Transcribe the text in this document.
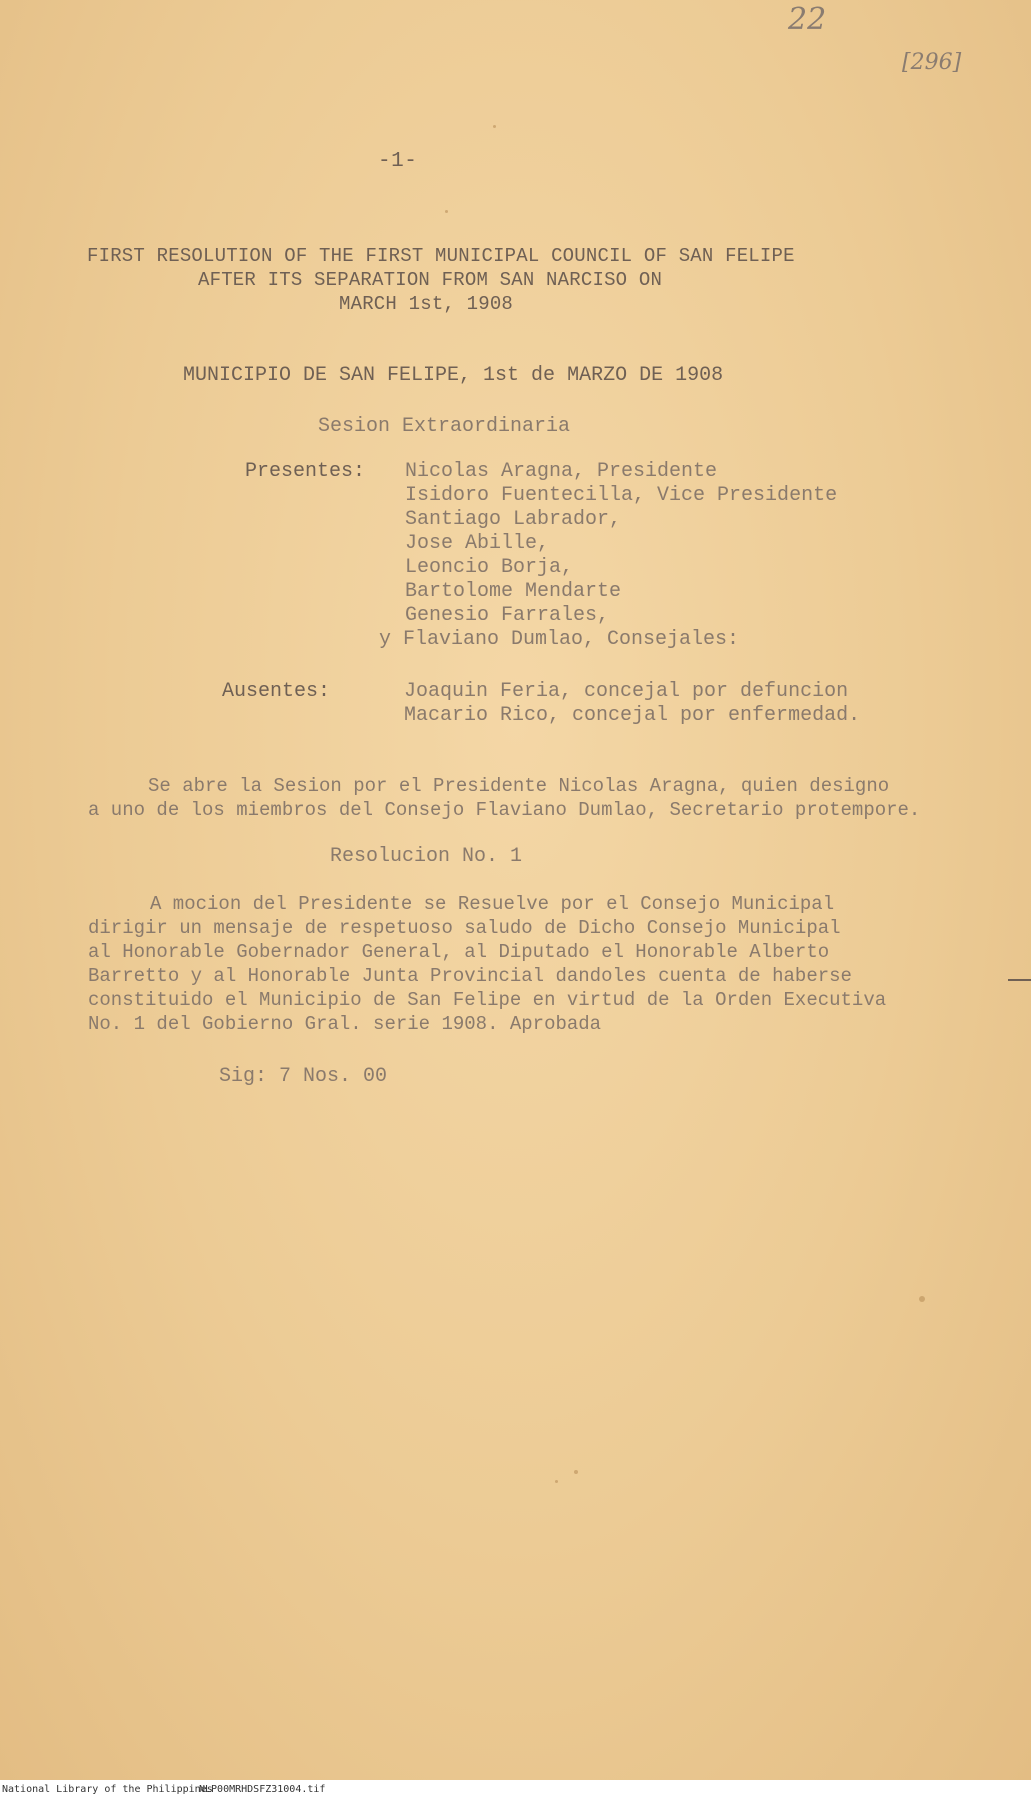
22
[296]
-1-
FIRST RESOLUTION OF THE FIRST MUNICIPAL COUNCIL OF SAN FELIPE
AFTER ITS SEPARATION FROM SAN NARCISO ON
MARCH 1st, 1908
MUNICIPIO DE SAN FELIPE, 1st de MARZO DE 1908
Sesion Extraordinaria
Presentes: Nicolas Aragna, Presidente
Isidoro Fuentecilla, Vice Presidente
Santiago Labrador,
Jose Abille,
Leoncio Borja,
Bartolome Mendarte
Genesio Farrales,
y Flaviano Dumlao, Consejales:
Ausentes:	Joaquin Feria, concejal por defuncion
Macario Rico, concejal por enfermedad.
Se abre la Sesion por el Presidente Nicolas Aragna, quien designo
a uno de los miembros del Consejo Flaviano Dumlao, Secretario protempore.
Resolucion No. 1
A mocion del Presidente se Resuelve por el Consejo Municipal
dirigir un mensaje de respetuoso saludo de Dicho Consejo Municipal
al Honorable Gobernador General, al Diputado el Honorable Alberto
Barretto y al Honorable Junta Provincial dandoles cuenta de haberse
constituido el Municipio de San Felipe en virtud de la Orden Executiva
No. 1 del Gobierno Gral. serie 1908. Aprobada
Sig: 7 Nos. 00
National Library of the Philippines
NLP00MRHDSFZ31004.tif
